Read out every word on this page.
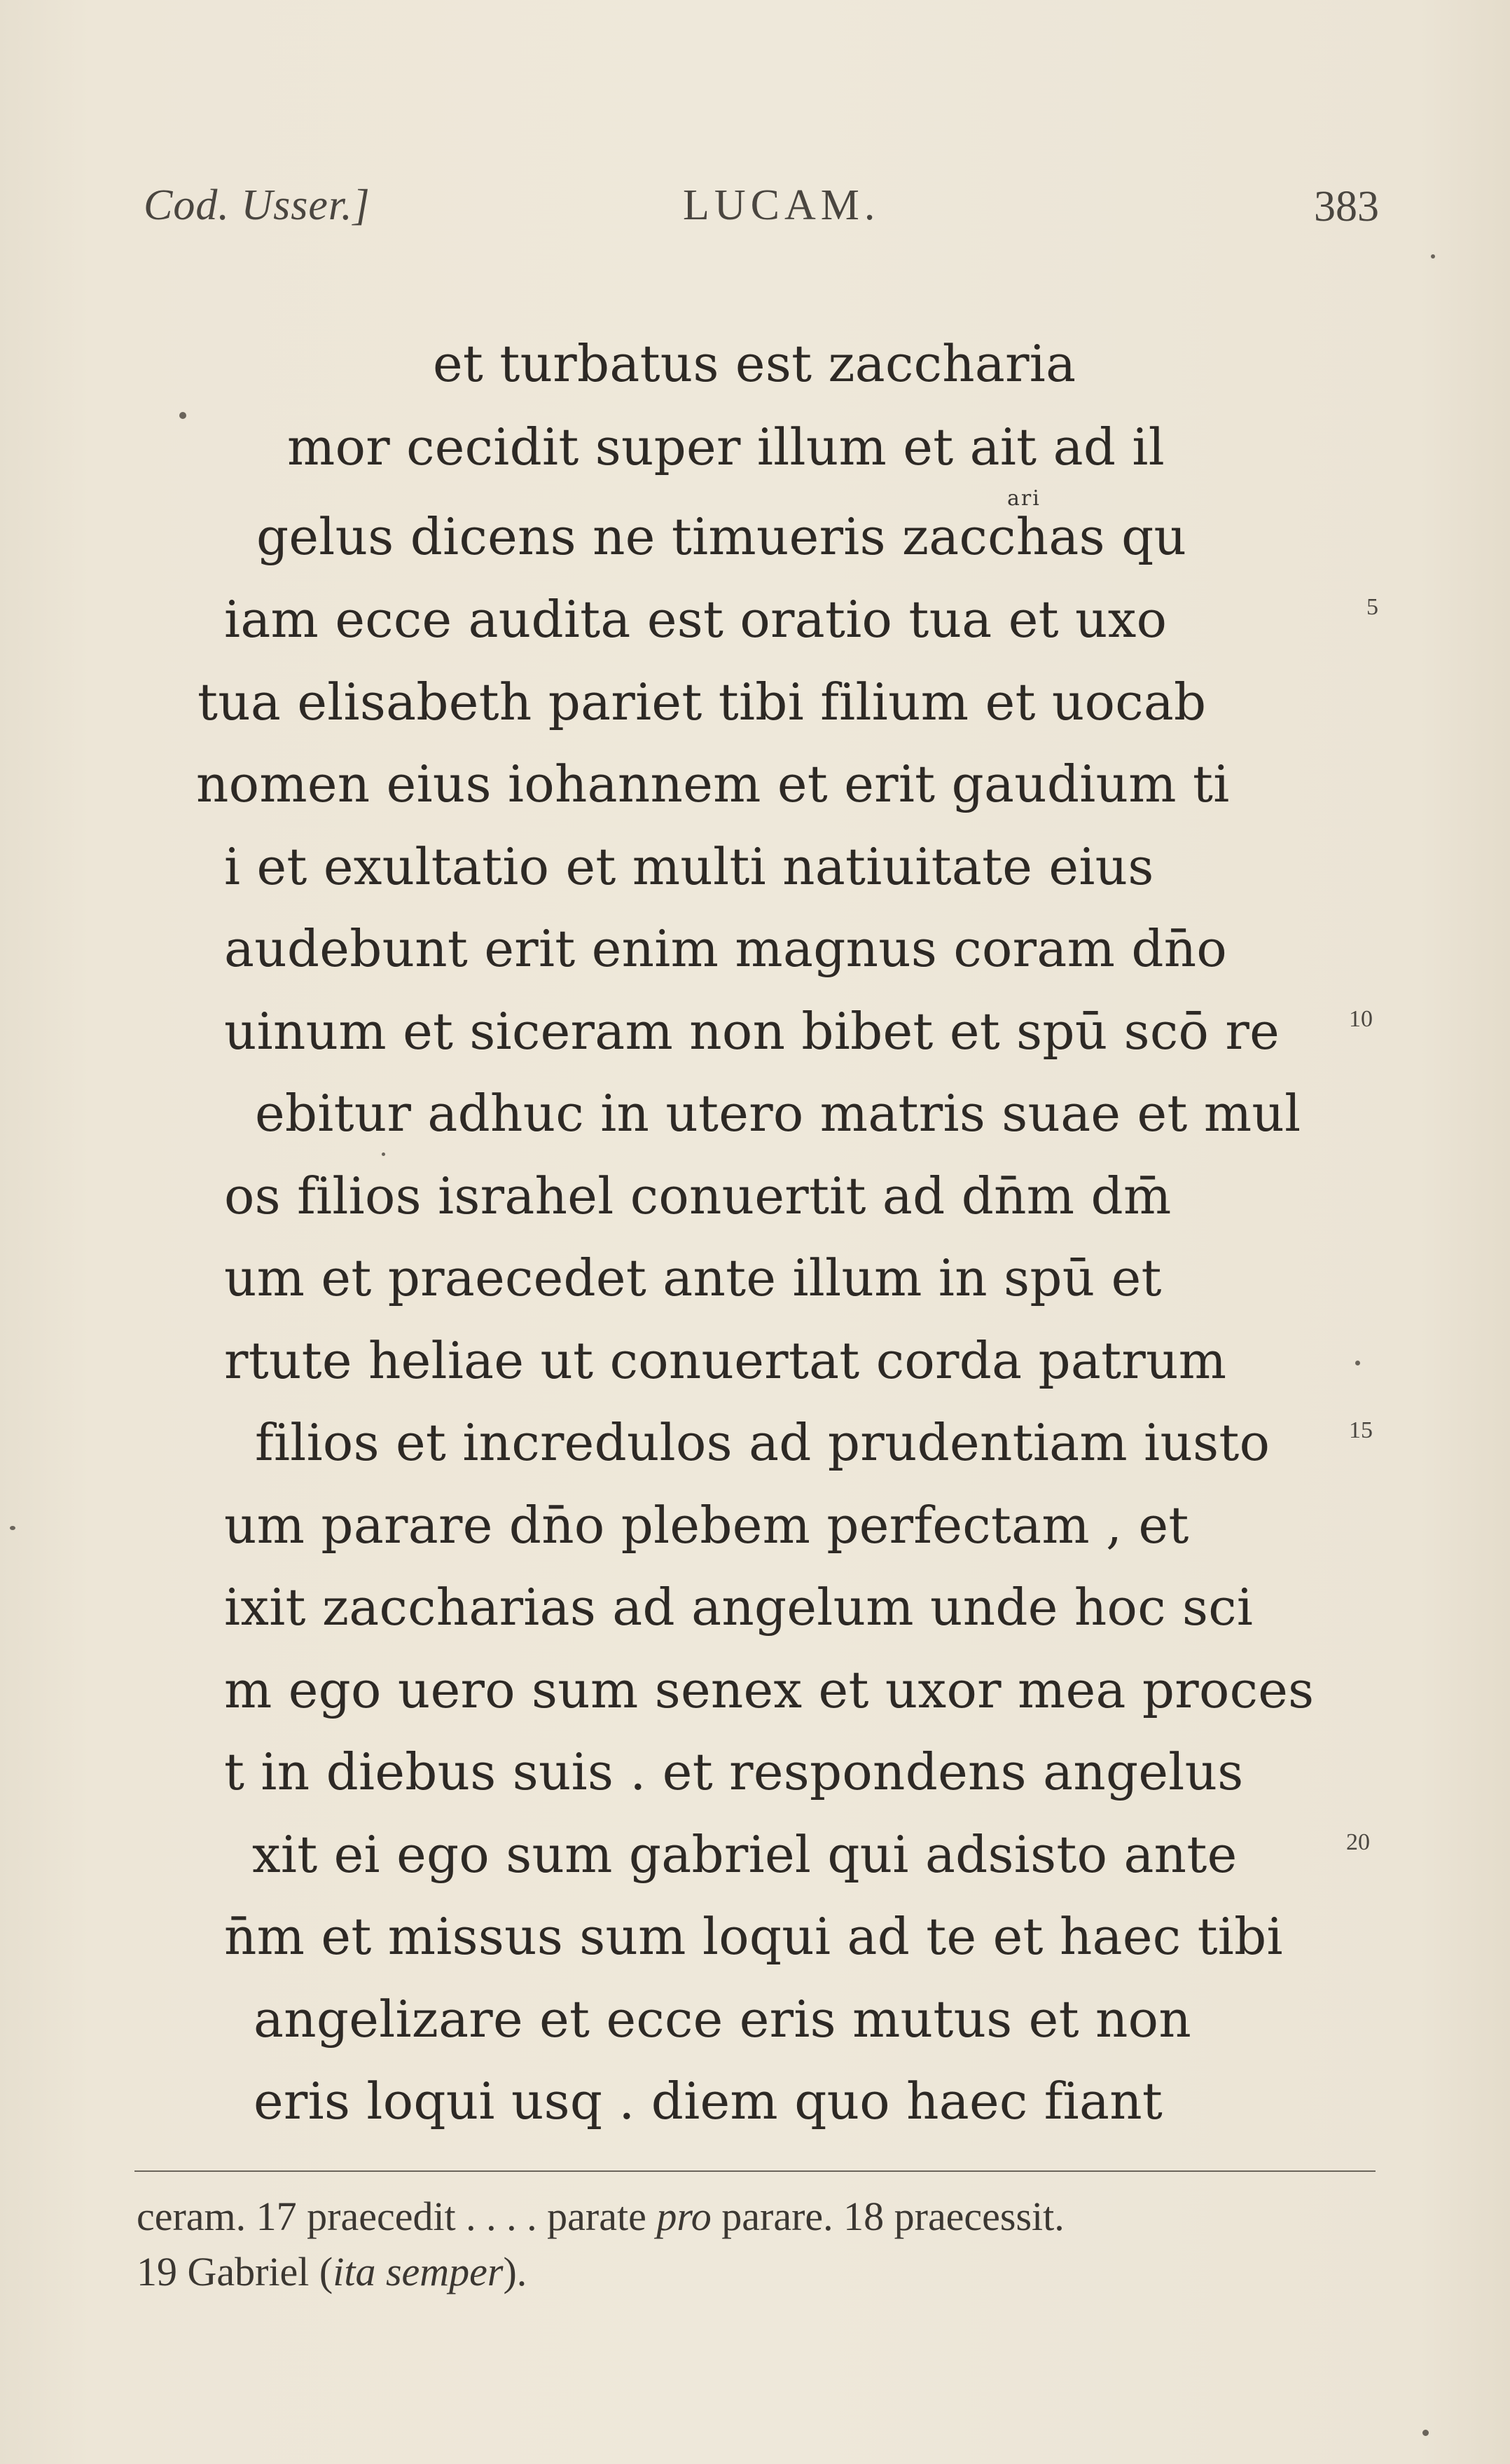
Cod. Usser.]	LUCAM.	383
et turbatus est zaccharia
mor cecidit super illum et ait ad il
ari
gelus dicens ne timueris zacchas qu
iam ecce audita est oratio tua et uxo
tua elisabeth pariet tibi filium et uocab
nomen eius iohannem et erit gaudium ti
i et exultatio et multi natiuitate eius
audebunt erit enim magnus coram dn̄o
uinum et siceram non bibet et spū scō re
ebitur adhuc in utero matris suae et mul
os filios israhel conuertit ad dn̄m dm̄
um et praecedet ante illum in spū et
rtute heliae ut conuertat corda patrum
filios et incredulos ad prudentiam iusto
um parare dn̄o plebem perfectam , et
ixit zaccharias ad angelum unde hoc sci
m ego uero sum senex et uxor mea proces
t in diebus suis . et respondens angelus
xit ei ego sum gabriel qui adsisto ante
n̄m et missus sum loqui ad te et haec tibi
angelizare et ecce eris mutus et non
eris loqui usq . diem quo haec fiant
5
10
15
20
ceram. 17 praecedit . . . . parate pro parare. 18 praecessit.
19 Gabriel (ita semper).
